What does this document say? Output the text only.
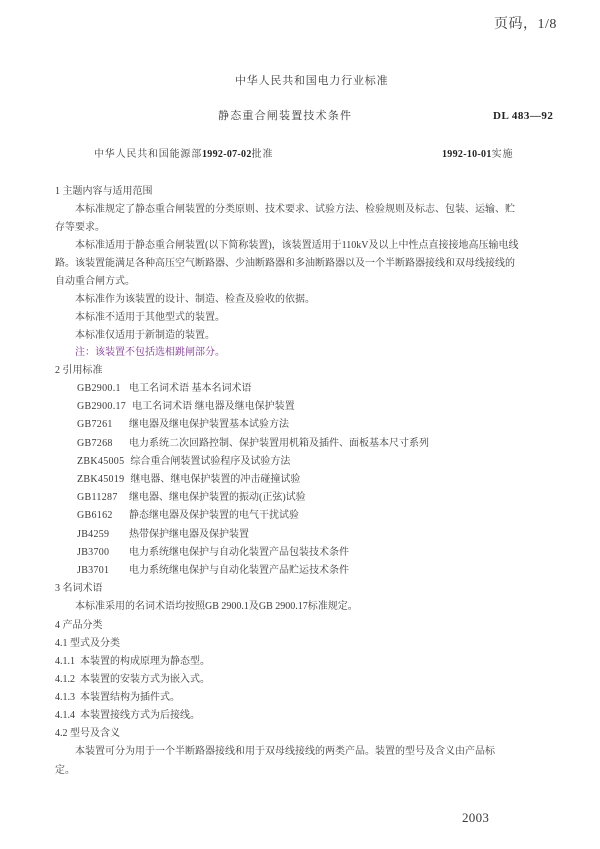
页码，1/8
中华人民共和国电力行业标准
静态重合闸装置技术条件	DL 483—92
中华人民共和国能源部1992-07-02批准	1992-10-01实施
1 主题内容与适用范围
本标准规定了静态重合闸装置的分类原则、技术要求、试验方法、检验规则及标志、包装、运输、贮
存等要求。
本标准适用于静态重合闸装置(以下简称装置)，该装置适用于110kV及以上中性点直接接地高压输电线
路。该装置能满足各种高压空气断路器、少油断路器和多油断路器以及一个半断路器接线和双母线接线的
自动重合闸方式。
本标准作为该装置的设计、制造、检查及验收的依据。
本标准不适用于其他型式的装置。
本标准仅适用于新制造的装置。
注：该装置不包括选相跳闸部分。
2 引用标准
GB2900.1 电工名词术语 基本名词术语
GB2900.17 电工名词术语 继电器及继电保护装置
GB7261 继电器及继电保护装置基本试验方法
GB7268 电力系统二次回路控制、保护装置用机箱及插件、面板基本尺寸系列
ZBK45005 综合重合闸装置试验程序及试验方法
ZBK45019 继电器、继电保护装置的冲击碰撞试验
GB11287 继电器、继电保护装置的振动(正弦)试验
GB6162 静态继电器及保护装置的电气干扰试验
JB4259 热带保护继电器及保护装置
JB3700 电力系统继电保护与自动化装置产品包装技术条件
JB3701 电力系统继电保护与自动化装置产品贮运技术条件
3 名词术语
本标准采用的名词术语均按照GB 2900.1及GB 2900.17标准规定。
4 产品分类
4.1 型式及分类
4.1.1 本装置的构成原理为静态型。
4.1.2 本装置的安装方式为嵌入式。
4.1.3 本装置结构为插件式。
4.1.4 本装置接线方式为后接线。
4.2 型号及含义
本装置可分为用于一个半断路器接线和用于双母线接线的两类产品。装置的型号及含义由产品标
定。
2003
